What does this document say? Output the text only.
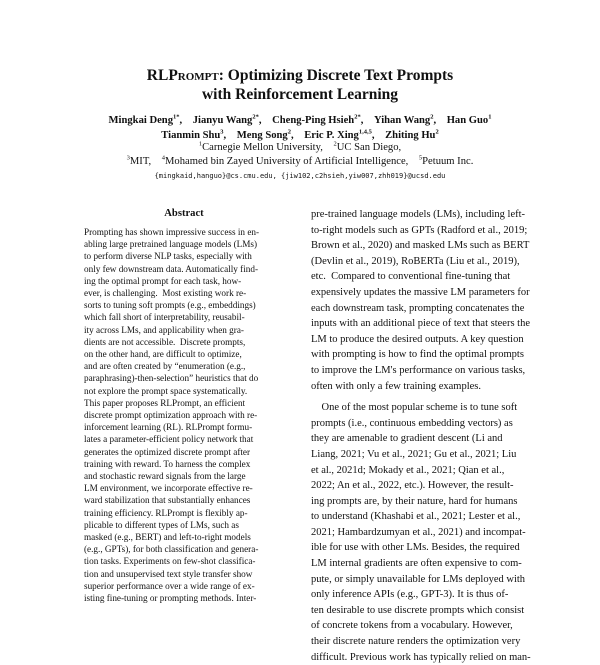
RLPrompt: Optimizing Discrete Text Prompts
with Reinforcement Learning
Mingkai Deng$^{1*}$, Jianyu Wang$^{2*}$, Cheng-Ping Hsieh$^{2*}$, Yihan Wang$^2$, Han Guo$^1$
Tianmin Shu$^3$, Meng Song$^2$, Eric P. Xing$^{1,4,5}$, Zhiting Hu$^2$
$^1$Carnegie Mellon University,  $^2$UC San Diego,
$^3$MIT,  $^4$Mohamed bin Zayed University of Artificial Intelligence,  $^5$Petuum Inc.
{mingkaid,hanguo}@cs.cmu.edu, {jiw102,c2hsieh,yiw007,zhh019}@ucsd.edu
Abstract
Prompting has shown impressive success in en-
abling large pretrained language models (LMs)
to perform diverse NLP tasks, especially with
only few downstream data. Automatically find-
ing the optimal prompt for each task, how-
ever, is challenging.  Most existing work re-
sorts to tuning soft prompts (e.g., embeddings)
which fall short of interpretability, reusabil-
ity across LMs, and applicability when gra-
dients are not accessible.  Discrete prompts,
on the other hand, are difficult to optimize,
and are often created by “enumeration (e.g.,
paraphrasing)-then-selection” heuristics that do
not explore the prompt space systematically.
This paper proposes RLPrompt, an efficient
discrete prompt optimization approach with re-
inforcement learning (RL). RLPrompt formu-
lates a parameter-efficient policy network that
generates the optimized discrete prompt after
training with reward. To harness the complex
and stochastic reward signals from the large
LM environment, we incorporate effective re-
ward stabilization that substantially enhances
training efficiency. RLPrompt is flexibly ap-
plicable to different types of LMs, such as
masked (e.g., BERT) and left-to-right models
(e.g., GPTs), for both classification and genera-
tion tasks. Experiments on few-shot classifica-
tion and unsupervised text style transfer show
superior performance over a wide range of ex-
isting fine-tuning or prompting methods. Inter-
pre-trained language models (LMs), including left-
to-right models such as GPTs (Radford et al., 2019;
Brown et al., 2020) and masked LMs such as BERT
(Devlin et al., 2019), RoBERTa (Liu et al., 2019),
etc.  Compared to conventional fine-tuning that
expensively updates the massive LM parameters for
each downstream task, prompting concatenates the
inputs with an additional piece of text that steers the
LM to produce the desired outputs. A key question
with prompting is how to find the optimal prompts
to improve the LM's performance on various tasks,
often with only a few training examples.

One of the most popular scheme is to tune soft
prompts (i.e., continuous embedding vectors) as
they are amenable to gradient descent (Li and
Liang, 2021; Vu et al., 2021; Gu et al., 2021; Liu
et al., 2021d; Mokady et al., 2021; Qian et al.,
2022; An et al., 2022, etc.). However, the result-
ing prompts are, by their nature, hard for humans
to understand (Khashabi et al., 2021; Lester et al.,
2021; Hambardzumyan et al., 2021) and incompat-
ible for use with other LMs. Besides, the required
LM internal gradients are often expensive to com-
pute, or simply unavailable for LMs deployed with
only inference APIs (e.g., GPT-3). It is thus of-
ten desirable to use discrete prompts which consist
of concrete tokens from a vocabulary. However,
their discrete nature renders the optimization very
difficult. Previous work has typically relied on man-
